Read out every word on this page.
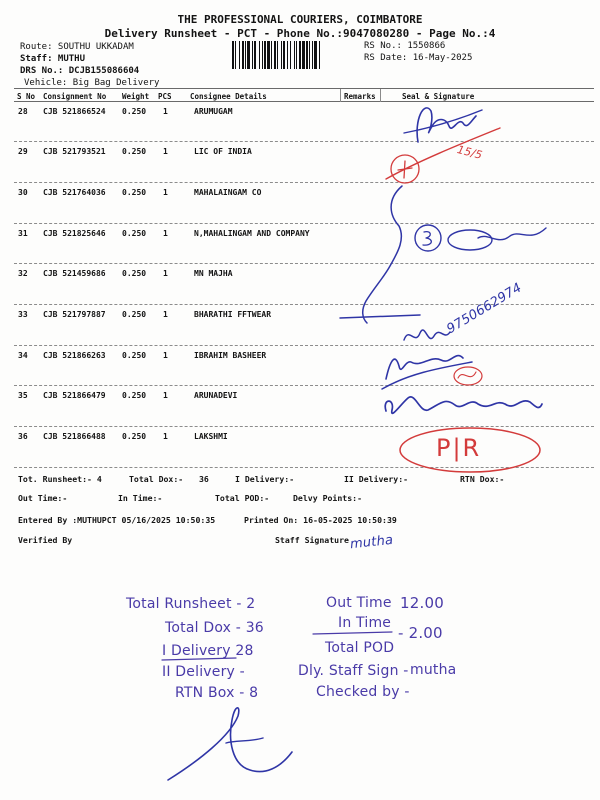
THE PROFESSIONAL COURIERS, COIMBATORE
Delivery Runsheet - PCT - Phone No.:9047080280 - Page No.:4
Route: SOUTHU UKKADAM
Staff: MUTHU
DRS No.: DCJB155086604
Vehicle: Big Bag Delivery
RS No.: 1550866
RS Date: 16-May-2025
S No Consignment No Weight PCS Consignee Details	Remarks	Seal & Signature
28 CJB 521866524 0.250 1	ARUMUGAM
29 CJB 521793521 0.250 1	LIC OF INDIA
30 CJB 521764036 0.250 1	MAHALAINGAM CO
31 CJB 521825646 0.250 1	N,MAHALINGAM AND COMPANY
32 CJB 521459686 0.250 1	MN MAJHA
33 CJB 521797887 0.250 1	BHARATHI FFTWEAR
34 CJB 521866263 0.250 1	IBRAHIM BASHEER
35 CJB 521866479 0.250 1	ARUNADEVI
36 CJB 521866488 0.250 1	LAKSHMI
Tot. Runsheet:- 4	Total Dox:- 36	I Delivery:-	II Delivery:-	RTN Dox:-
Out Time:-	In Time:-	Total POD:-	Delvy Points:-
Entered By :MUTHUPCT 05/16/2025 10:50:35	Printed On: 16-05-2025 10:50:39
Verified By	Staff Signature mutha
15/5
9750662974
P|R
Total Runsheet - 2
Total Dox - 36
I Delivery 28
II Delivery -
RTN Box - 8
Out Time 12.00
In Time
- 2.00
Total POD
Dly. Staff Sign - mutha
Checked by -
